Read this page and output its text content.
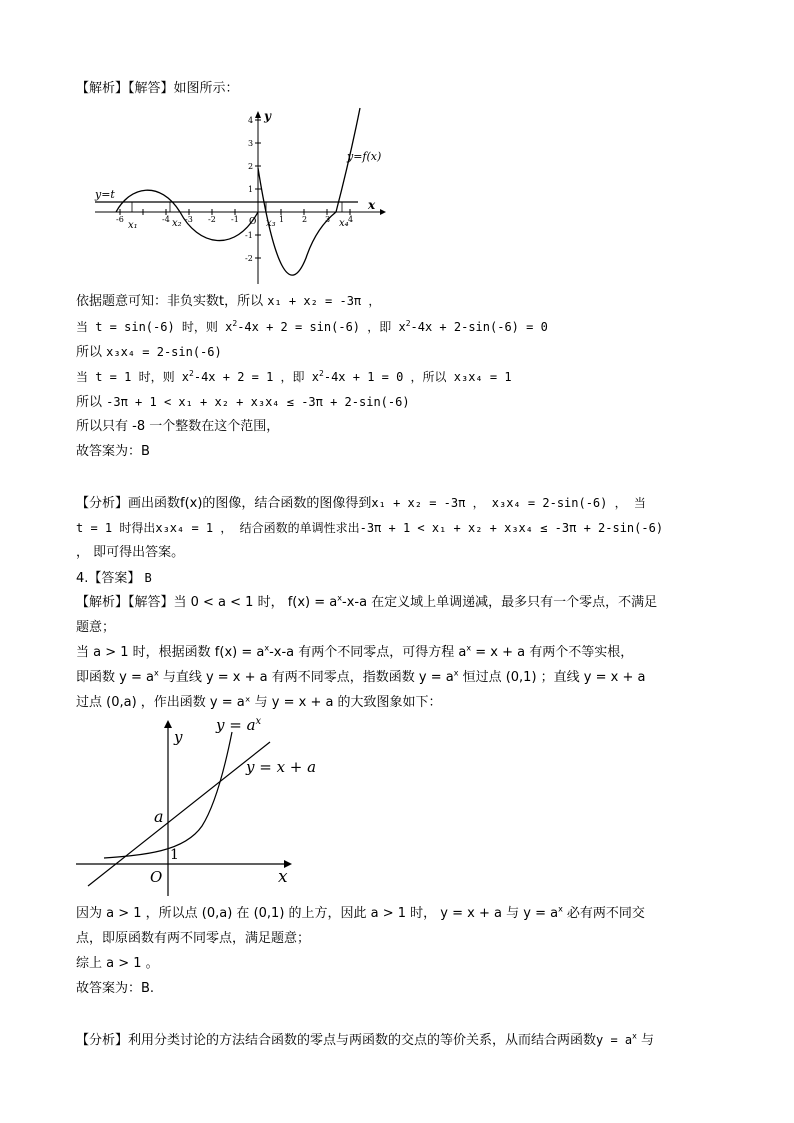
【解析】【解答】如图所示：
y=t
y=f(x)
x
y
O
-6	-4 -3 -2 -1	1 2 3 4
4
3
2
1
-1
-2
x₁	x₂	x₃	x₄
依据题意可知：非负实数t，所以 x₁ + x₂ = -3π ，
当 t = sin(-6) 时，则 $x^2-4x + 2 = \sin(-6)$ ，即 $x^2-4x + 2-\sin(-6) = 0$
所以 x₃x₄ = 2-sin(-6)
当 t = 1 时，则 $x^2-4x + 2 = 1$ ，即 $x^2-4x + 1 = 0$ ，所以 x₃x₄ = 1
所以 -3π + 1 < x₁ + x₂ + x₃x₄ ≤ -3π + 2-sin(-6)
所以只有 -8 一个整数在这个范围，
故答案为：B
【分析】画出函数f(x)的图像，结合函数的图像得到x₁ + x₂ = -3π ， x₃x₄ = 2-sin(-6) ， 当
t = 1 时得出x₃x₄ = 1 ， 结合函数的单调性求出-3π + 1 < x₁ + x₂ + x₃x₄ ≤ -3π + 2-sin(-6)
， 即可得出答案。
4.【答案】 B
【解析】【解答】当 0 < a < 1 时， $f(x) = a^x-x-a$ 在定义域上单调递减，最多只有一个零点，不满足
题意；
当 a > 1 时，根据函数 $f(x) = a^x-x-a$ 有两个不同零点，可得方程 $a^x = x + a$ 有两个不等实根，
即函数 $y = a^x$ 与直线 y = x + a 有两不同零点，指数函数 $y = a^x$ 恒过点 (0,1) ；直线 y = x + a
过点 (0,a) ，作出函数 y = aˣ 与 y = x + a 的大致图象如下：
$y = a^x$
y = x + a
y
x
a
1
O
因为 a > 1 ，所以点 (0,a) 在 (0,1) 的上方，因此 a > 1 时， y = x + a 与 $y = a^x$ 必有两不同交
点，即原函数有两不同零点，满足题意；
综上 a > 1 。
故答案为：B.
【分析】利用分类讨论的方法结合函数的零点与两函数的交点的等价关系，从而结合两函数$y = a^x$ 与
